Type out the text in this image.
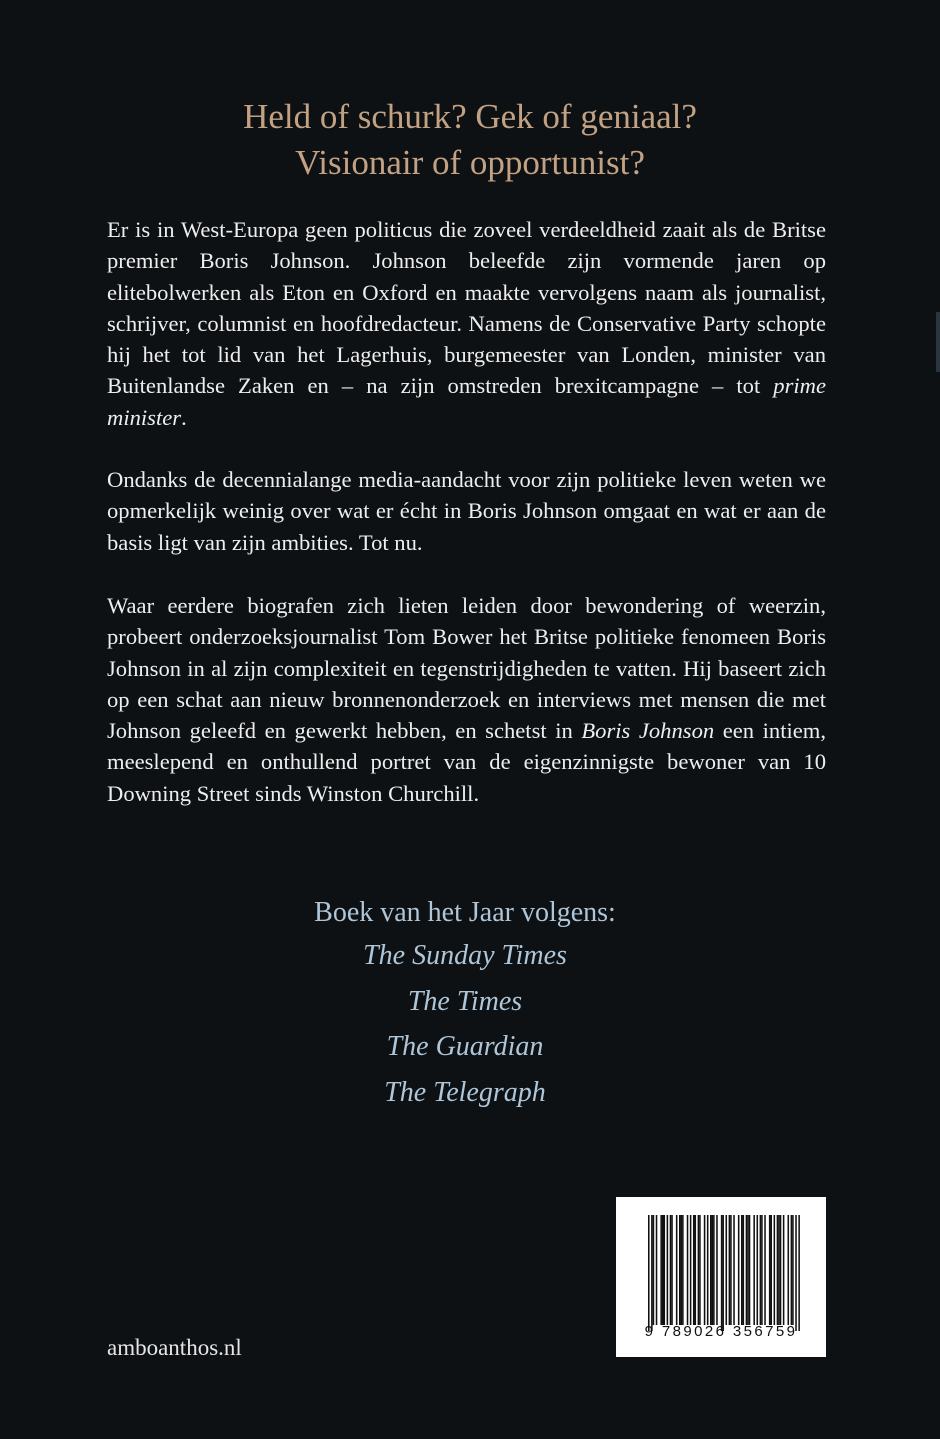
Held of schurk? Gek of geniaal?
Visionair of opportunist?

Er is in West-Europa geen politicus die zoveel verdeeldheid zaait als de Britse premier Boris Johnson. Johnson beleefde zijn vormende jaren op elitebolwerken als Eton en Oxford en maakte vervolgens naam als journalist, schrijver, columnist en hoofdredacteur. Namens de Conservative Party schopte hij het tot lid van het Lagerhuis, burgemeester van Londen, minister van Buitenlandse Zaken en – na zijn omstreden brexitcampagne – tot prime minister.

Ondanks de decennialange media-aandacht voor zijn politieke leven weten we opmerkelijk weinig over wat er écht in Boris Johnson omgaat en wat er aan de basis ligt van zijn ambities. Tot nu.

Waar eerdere biografen zich lieten leiden door bewondering of weerzin, probeert onderzoeksjournalist Tom Bower het Britse politieke fenomeen Boris Johnson in al zijn complexiteit en tegenstrijdigheden te vatten. Hij baseert zich op een schat aan nieuw bronnenonderzoek en interviews met mensen die met Johnson geleefd en gewerkt hebben, en schetst in Boris Johnson een intiem, meeslepend en onthullend portret van de eigenzinnigste bewoner van 10 Downing Street sinds Winston Churchill.

Boek van het Jaar volgens:
The Sunday Times
The Times
The Guardian
The Telegraph
amboanthos.nl
9 789026 356759
